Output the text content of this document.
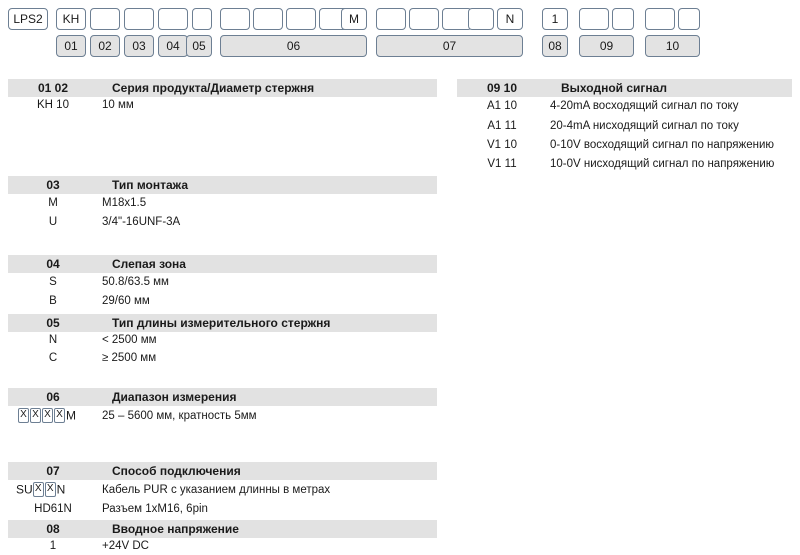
LPS2	KH	M	N	1
01	02	03	04	05	06	07	08	09	10
01 02	Серия продукта/Диаметр стержня
KH 10	10 мм
03	Тип монтажа
M	M18x1.5
U	3/4"-16UNF-3A
04	Слепая зона
S	50.8/63.5 мм
B	29/60 мм
05	Тип длины измерительного стержня
N	< 2500 мм
C	≥ 2500 мм
06	Диапазон измерения
X X X X M	25 – 5600 мм, кратность 5мм
07	Способ подключения
SU X X N	Кабель PUR с указанием длинны в метрах
HD61N	Разъем 1xM16, 6pin
08	Вводное напряжение
1	+24V DC
09 10	Выходной сигнал
A1 10	4-20mA восходящий сигнал по току
A1 11	20-4mA нисходящий сигнал по току
V1 10	0-10V восходящий сигнал по напряжению
V1 11	10-0V нисходящий сигнал по напряжению
